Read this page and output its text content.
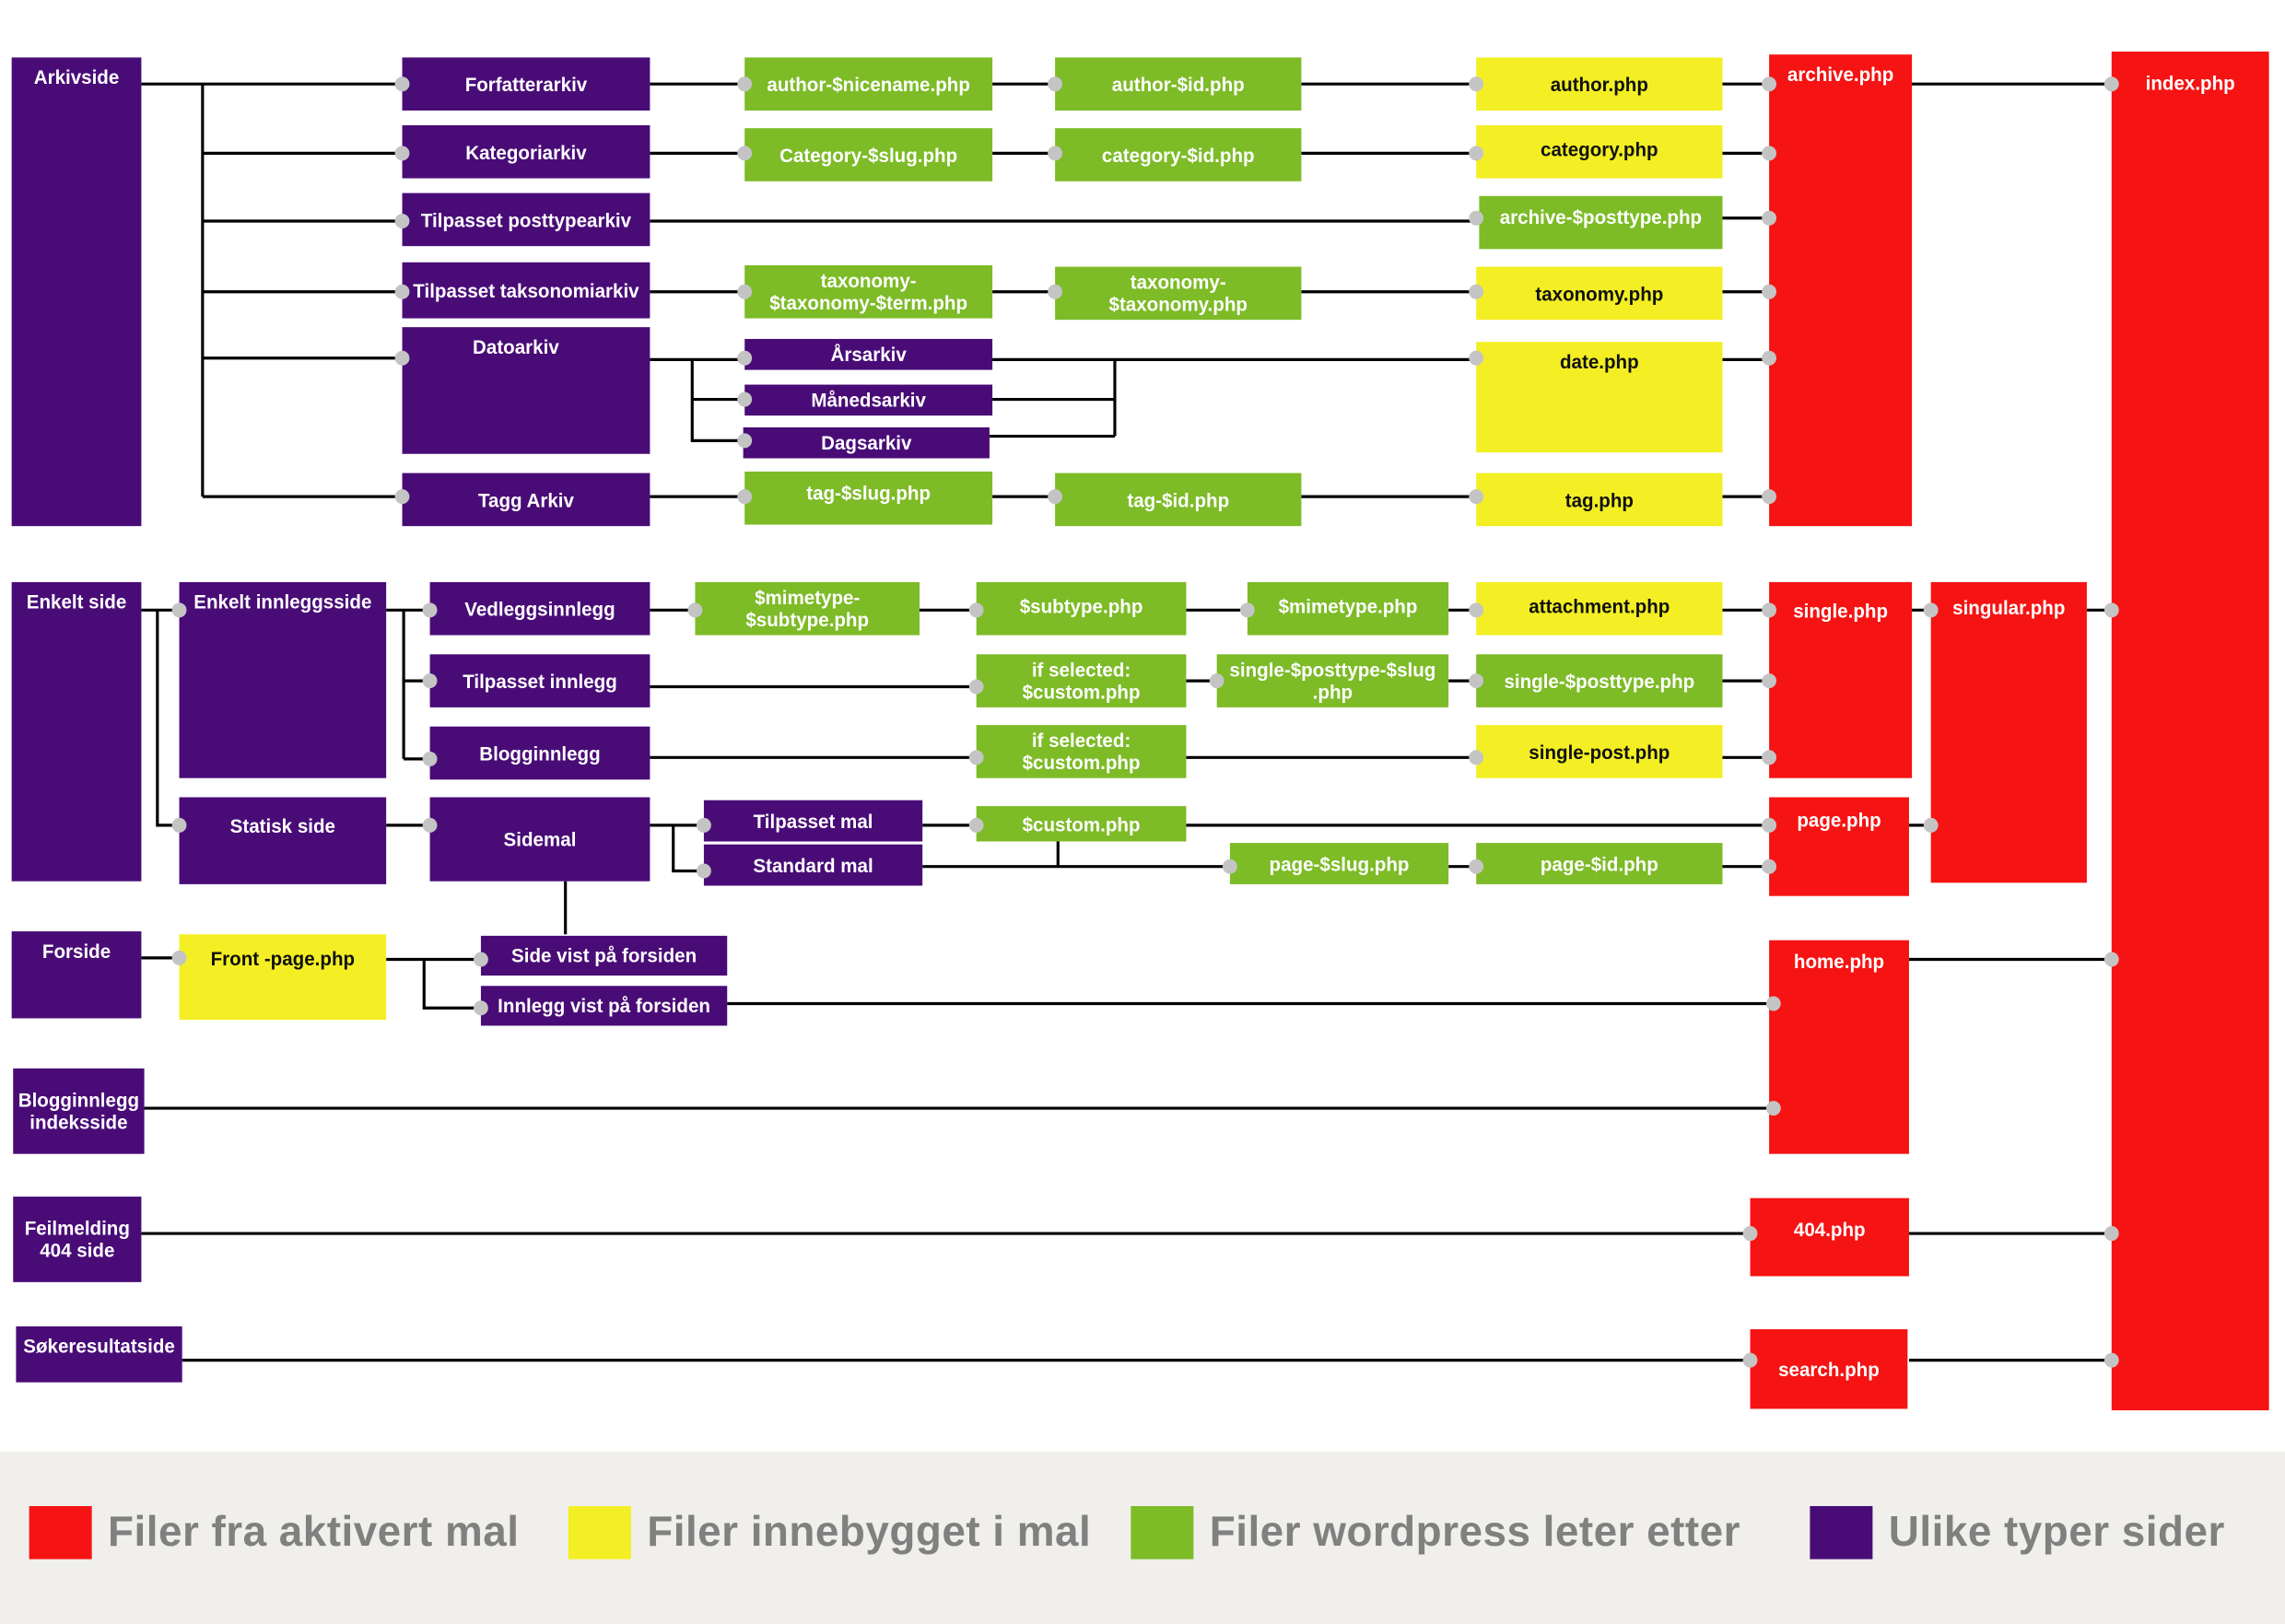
Arkivside
Enkelt side
Forside
Blogginnlegg
indeksside
Feilmelding
404 side
Søkeresultatside
Forfatterarkiv
Kategoriarkiv
Tilpasset posttypearkiv
Tilpasset taksonomiarkiv
Datoarkiv
Tagg Arkiv
Årsarkiv
Månedsarkiv
Dagsarkiv
Enkelt innleggsside
Statisk side
Vedleggsinnlegg
Tilpasset innlegg
Blogginnlegg
Sidemal
Tilpasset mal
Standard mal
Side vist på forsiden
Innlegg vist på forsiden
author-$nicename.php	author-$id.php
Category-$slug.php	category-$id.php
archive-$posttype.php
taxonomy-
$taxonomy-$term.php
taxonomy-
$taxonomy.php
tag-$slug.php	tag-$id.php
$mimetype-
$subtype.php
$subtype.php	$mimetype.php
if selected:
$custom.php
single-$posttype-$slug
.php
single-$posttype.php
if selected:
$custom.php
$custom.php
page-$slug.php	page-$id.php
author.php
category.php
taxonomy.php
date.php
tag.php
attachment.php
single-post.php
Front -page.php
archive.php
single.php	singular.php
page.php
home.php
404.php
search.php
index.php
Filer fra aktivert mal	Filer innebygget i mal	Filer wordpress leter etter	Ulike typer sider
